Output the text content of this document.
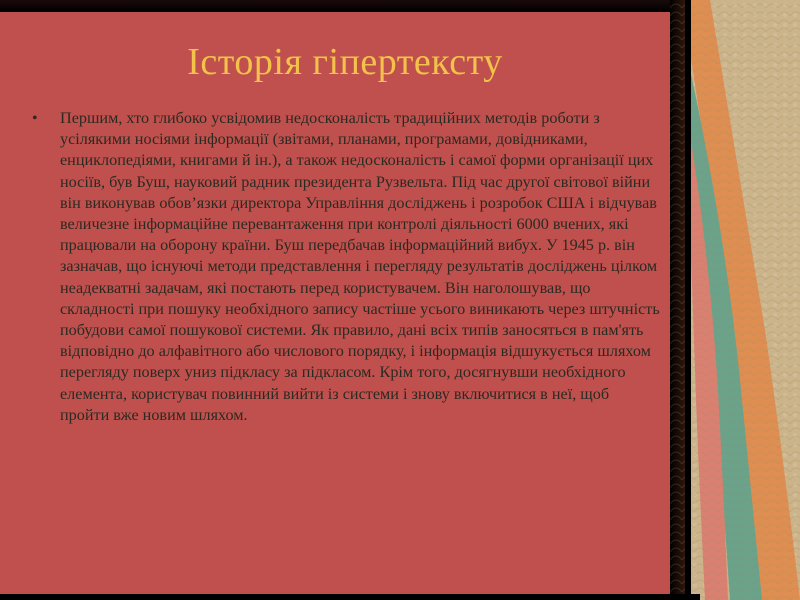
Історія гіпертексту
• Першим, хто глибоко усвідомив недосконалість традиційних методів роботи з усілякими носіями інформації (звітами, планами, програмами, довідниками, енциклопедіями, книгами й ін.), а також недосконалість і самої форми організації цих носіїв, був Буш, науковий радник президента Рузвельта. Під час другої світової війни він виконував обов’язки директора Управління досліджень і розробок США і відчував величезне інформаційне перевантаження при контролі діяльності 6000 вчених, які працювали на оборону країни. Буш передбачав інформаційний вибух. У 1945 р. він зазначав, що існуючі методи представлення і перегляду результатів досліджень цілком неадекватні задачам, які постають перед користувачем. Він наголошував, що складності при пошуку необхідного запису частіше усього виникають через штучність побудови самої пошукової системи. Як правило, дані всіх типів заносяться в пам'ять відповідно до алфавітного або числового порядку, і інформація відшукується шляхом перегляду поверх униз підкласу за підкласом. Крім того, досягнувши необхідного елемента, користувач повинний вийти із системи і знову включитися в неї, щоб пройти вже новим шляхом.
